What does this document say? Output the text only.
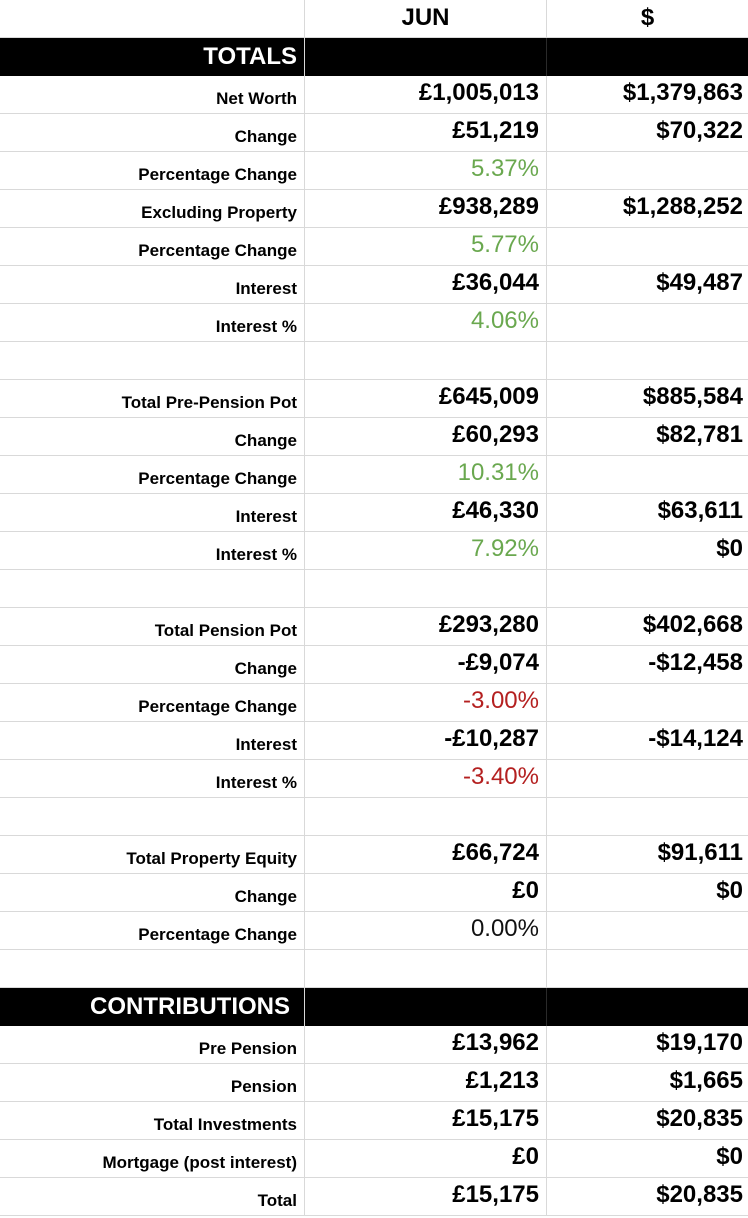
JUN	$
TOTALS
Net Worth	£1,005,013	$1,379,863
Change	£51,219	$70,322
Percentage Change	5.37%
Excluding Property	£938,289	$1,288,252
Percentage Change	5.77%
Interest	£36,044	$49,487
Interest %	4.06%
Total Pre-Pension Pot	£645,009	$885,584
Change	£60,293	$82,781
Percentage Change	10.31%
Interest	£46,330	$63,611
Interest %	7.92%	$0
Total Pension Pot	£293,280	$402,668
Change	-£9,074	-$12,458
Percentage Change	-3.00%
Interest	-£10,287	-$14,124
Interest %	-3.40%
Total Property Equity	£66,724	$91,611
Change	£0	$0
Percentage Change	0.00%
CONTRIBUTIONS
Pre Pension	£13,962	$19,170
Pension	£1,213	$1,665
Total Investments	£15,175	$20,835
Mortgage (post interest)	£0	$0
Total	£15,175	$20,835
